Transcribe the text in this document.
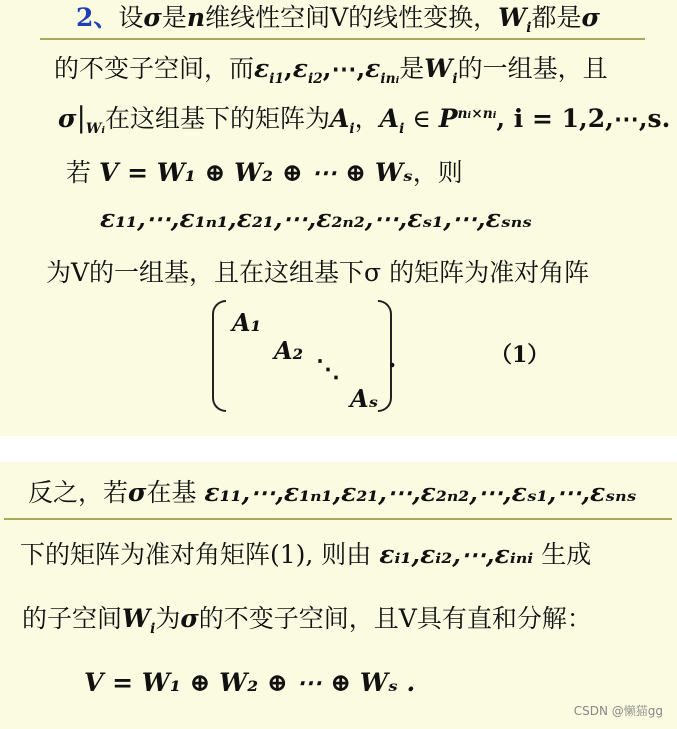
2、设σ是n维线性空间V的线性变换，$W_i$都是σ
的不变子空间，而$\varepsilon_{i1},\varepsilon_{i2},\cdots,\varepsilon_{ini}$是$W_i$的一组基，且
$\sigma|_{Wi}$在这组基下的矩阵为$A_i$，$A_i$ ∈ $P^{ni\times ni}$, i = 1,2,⋯,s.
若 V = W₁ ⊕ W₂ ⊕ ⋯ ⊕ Wₛ，则
ε₁₁,⋯,ε₁ₙ₁,ε₂₁,⋯,ε₂ₙ₂,⋯,εₛ₁,⋯,εₛₙₛ
为V的一组基，且在这组基下σ 的矩阵为准对角阵
A₁
A₂
⋱
Aₛ
.	（1）
反之，若σ在基 ε₁₁,⋯,ε₁ₙ₁,ε₂₁,⋯,ε₂ₙ₂,⋯,εₛ₁,⋯,εₛₙₛ
下的矩阵为准对角矩阵(1), 则由 εᵢ₁,εᵢ₂,⋯,εᵢₙᵢ 生成
的子空间$W_i$为σ的不变子空间，且V具有直和分解：
V = W₁ ⊕ W₂ ⊕ ⋯ ⊕ Wₛ .
CSDN @懒猫gg
